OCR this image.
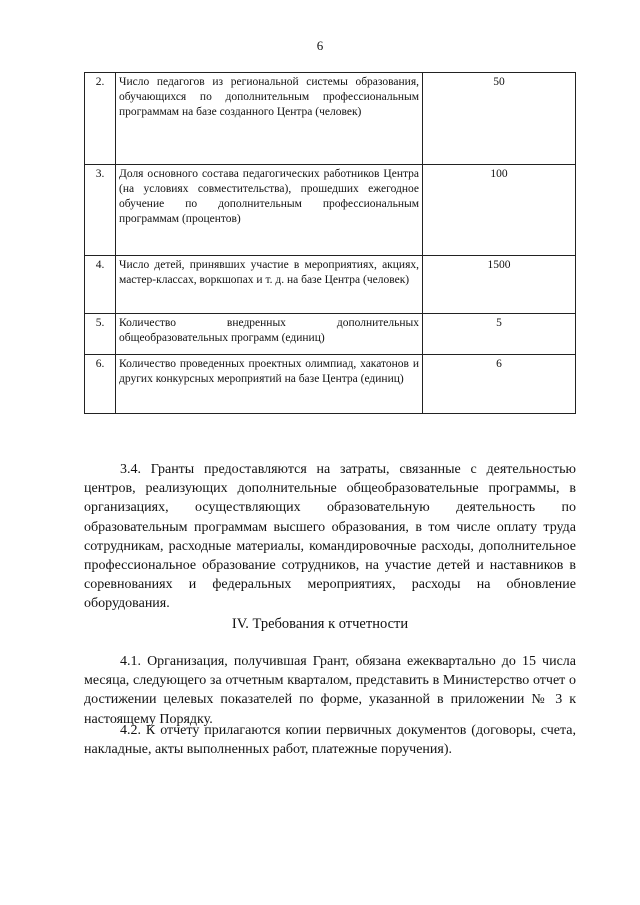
6
2.	Число педагогов из региональной системы образования, обучающихся по дополнительным профессиональным программам на базе созданного Центра (человек)	50
3.	Доля основного состава педагогических работников Центра (на условиях совместительства), прошедших ежегодное обучение по дополнительным профессиональным программам (процентов)	100
4.	Число детей, принявших участие в мероприятиях, акциях, мастер-классах, воркшопах и т. д. на базе Центра (человек)	1500
5.	Количество внедренных дополнительных общеобразовательных программ (единиц)	5
6.	Количество проведенных проектных олимпиад, хакатонов и других конкурсных мероприятий на базе Центра (единиц)	6

3.4. Гранты предоставляются на затраты, связанные с деятельностью центров, реализующих дополнительные общеобразовательные программы, в организациях, осуществляющих образовательную деятельность по образовательным программам высшего образования, в том числе оплату труда сотрудникам, расходные материалы, командировочные расходы, дополнительное профессиональное образование сотрудников, на участие детей и наставников в соревнованиях и федеральных мероприятиях, расходы на обновление оборудования.

IV. Требования к отчетности

4.1. Организация, получившая Грант, обязана ежеквартально до 15 числа месяца, следующего за отчетным кварталом, представить в Министерство отчет о достижении целевых показателей по форме, указанной в приложении № 3 к настоящему Порядку.

4.2. К отчету прилагаются копии первичных документов (договоры, счета, накладные, акты выполненных работ, платежные поручения).
